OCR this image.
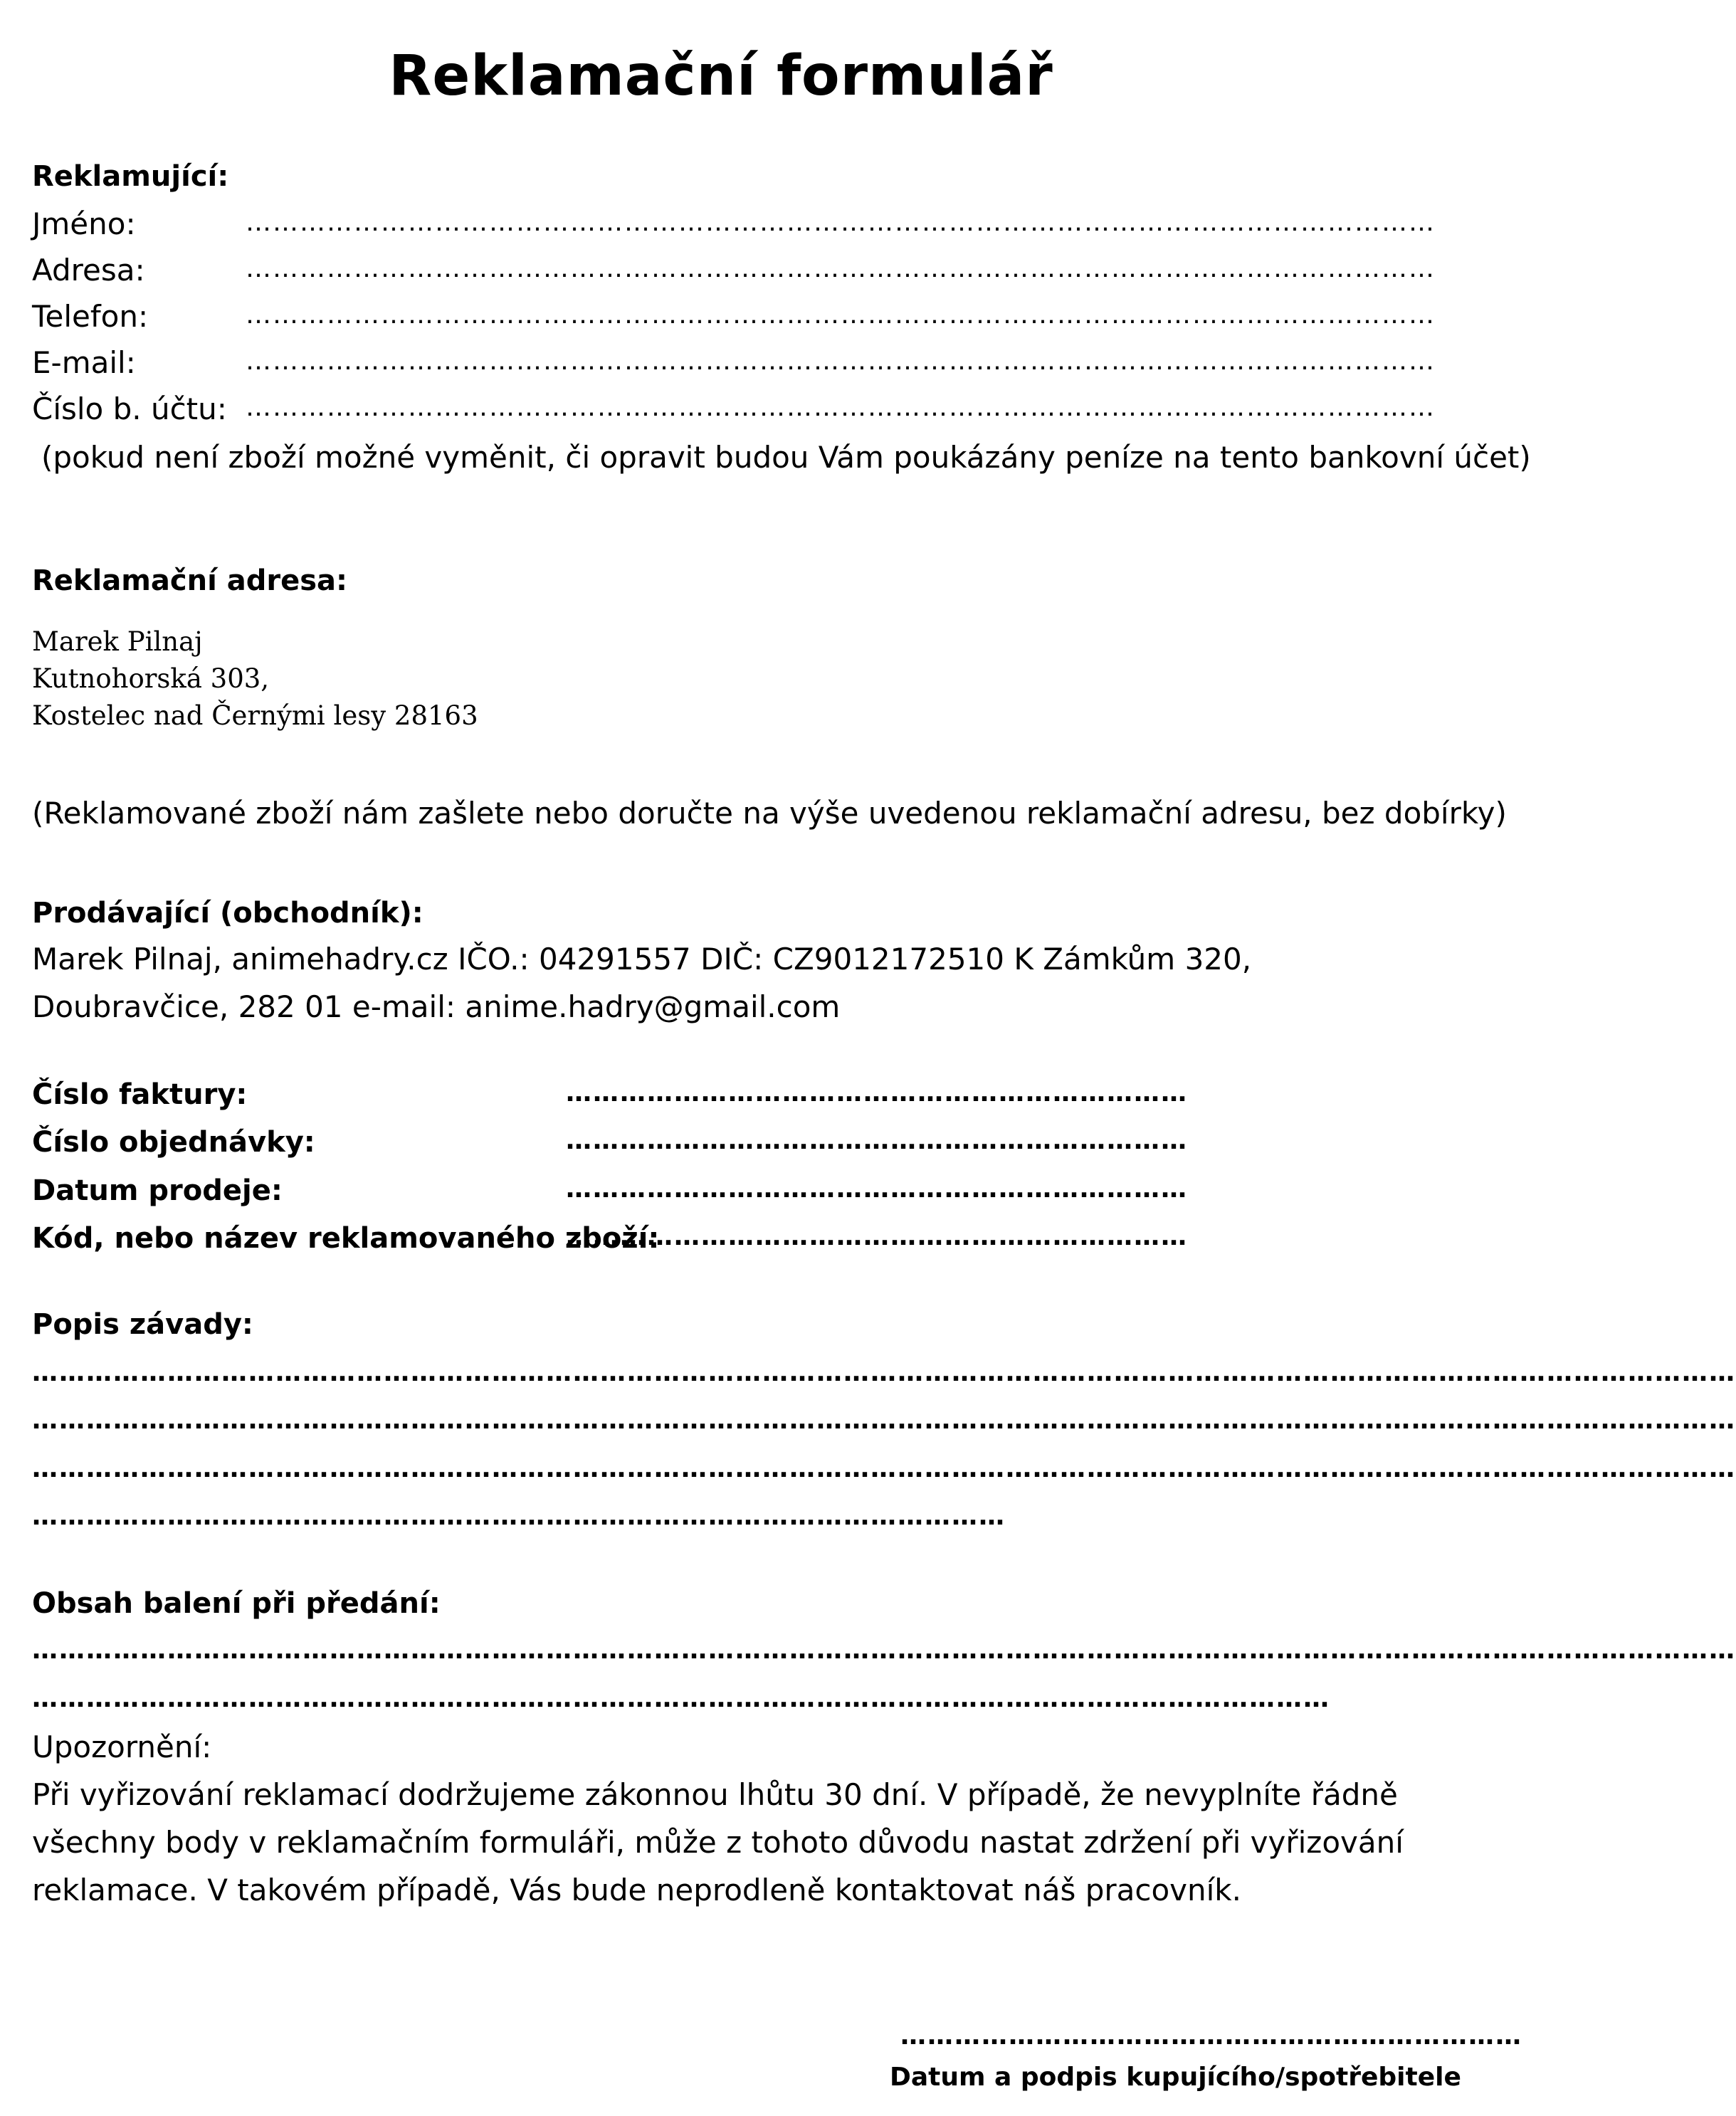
Reklamační formulář
Reklamující:
Jméno:	……………………………………………………………………………………………………………………
Adresa:	……………………………………………………………………………………………………………………
Telefon:	……………………………………………………………………………………………………………………
E-mail:	……………………………………………………………………………………………………………………
Číslo b. účtu: ……………………………………………………………………………………………………………………
(pokud není zboží možné vyměnit, či opravit budou Vám poukázány peníze na tento bankovní účet)
Reklamační adresa:
Marek Pilnaj
Kutnohorská 303,
Kostelec nad Černými lesy 28163
(Reklamované zboží nám zašlete nebo doručte na výše uvedenou reklamační adresu, bez dobírky)
Prodávající (obchodník):
Marek Pilnaj, animehadry.cz IČO.: 04291557 DIČ: CZ9012172510 K Zámkům 320,
Doubravčice, 282 01 e-mail: anime.hadry@gmail.com
Číslo faktury:	……………………………………………………………
Číslo objednávky:	……………………………………………………………
Datum prodeje:	……………………………………………………………
Kód, nebo název reklamovaného zboží:
……………………………………………………………
Popis závady:
………………………………………………………………………………………………………………………………………………………………………
………………………………………………………………………………………………………………………………………………………………………
………………………………………………………………………………………………………………………………………………………………………
………………………………………………………………………………………………
Obsah balení při předání:
………………………………………………………………………………………………………………………………………………………………………
………………………………………………………………………………………………………………………………
Upozornění:
Při vyřizování reklamací dodržujeme zákonnou lhůtu 30 dní. V případě, že nevyplníte řádně
všechny body v reklamačním formuláři, může z tohoto důvodu nastat zdržení při vyřizování
reklamace. V takovém případě, Vás bude neprodleně kontaktovat náš pracovník.
……………………………………………………………
Datum a podpis kupujícího/spotřebitele
